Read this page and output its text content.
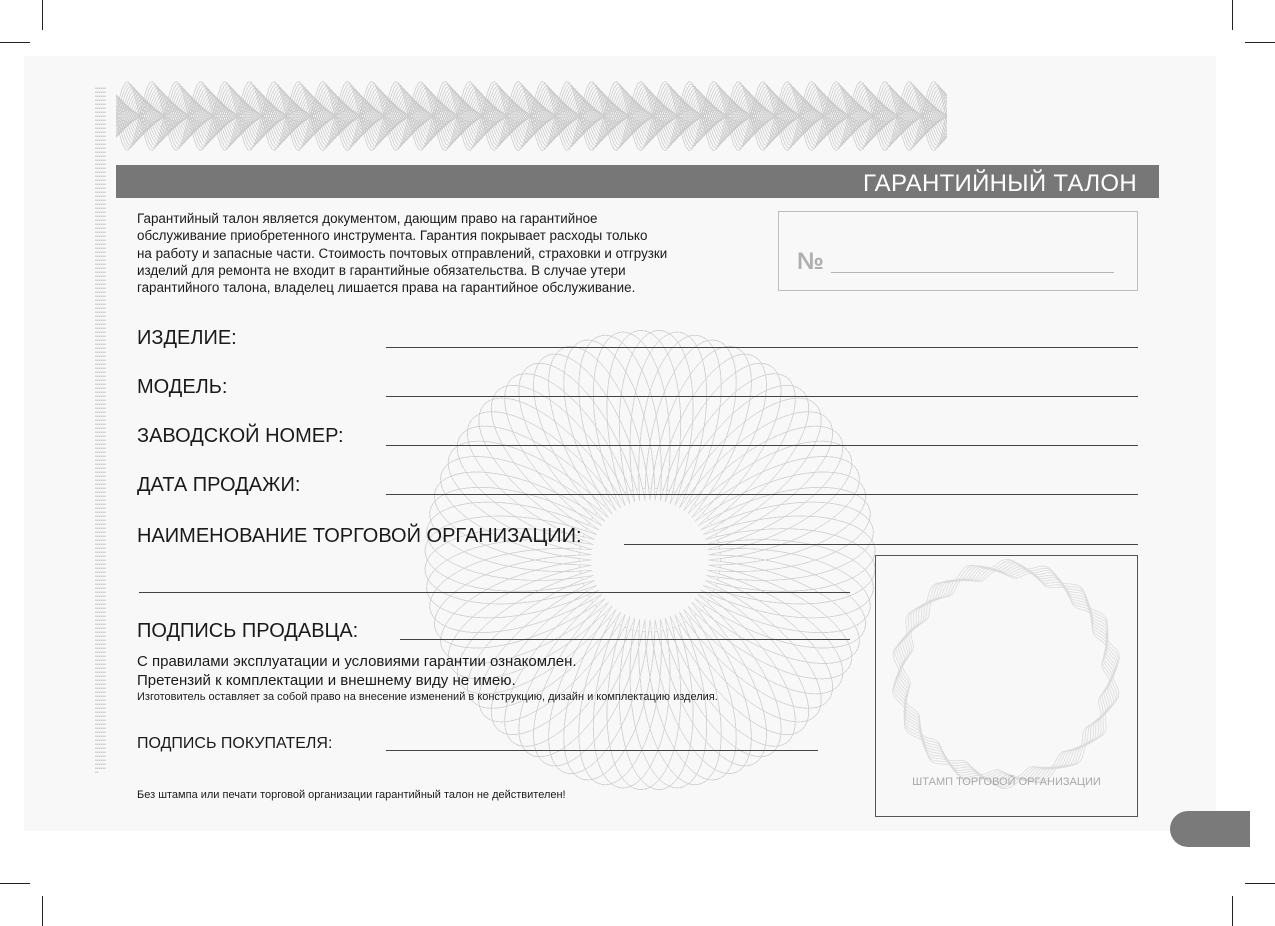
ssssssssssssssssssssssssssssssssssssssssssssssssssssssssssssssssssssssssssssssssssssssssssssssssssssssssssssssssssssssssssssssssssssssssssssssssssssssssssssssssssssssssssssssssssssssssssssssssssssssssssssssssssssssssssssssssssssssssssssssssssssssssssssssssssssssssssssssssssssssssssssssssssssssssssssssssssssssssssssssssssssssssssssssssssssssssssssssssssssssssssssssssssssssssssssssssssssssssssssssssssssssssssssssssssssssssssssssssssssssssssssssssssssssssssssssssssssssssssssssssssssssssssssssssssssssssssssssssssssssssssssssssssssssssssssssssssssssssssssssssssssssssssssssssssssssssssssssssssssssssssssssssssssssssssssssssssssssssssssssssssssssssssssssssssssssssssssssssssssssssssssssssssssssssssssssssssssssssssssssssssssssssssssssssssssssssssssssssssssssssssssssssssssssssssssssssssssssssssssssssssssssssssssssssssssssssssssssssssssssssssssssssssssssssssssssssssssssssssssssssssssssssssssssssssssssssssssssssssssssssssssssssssssssssssssssssssssssssssssssssssssssssssssssssssssssssssssssssssssssssssssssssssssssssssssssssssss
ГАРАНТИЙНЫЙ ТАЛОН
Гарантийный талон является документом, дающим право на гарантийное
обслуживание приобретенного инструмента. Гарантия покрывает расходы только
на работу и запасные части. Стоимость почтовых отправлений, страховки и отгрузки
изделий для ремонта не входит в гарантийные обязательства. В случае утери
гарантийного талона, владелец лишается права на гарантийное обслуживание.
№
ИЗДЕЛИЕ:
МОДЕЛЬ:
ЗАВОДСКОЙ НОМЕР:
ДАТА ПРОДАЖИ:
НАИМЕНОВАНИЕ ТОРГОВОЙ ОРГАНИЗАЦИИ:
ПОДПИСЬ ПРОДАВЦА:
С правилами эксплуатации и условиями гарантии ознакомлен.
Претензий к комплектации и внешнему виду не имею.
Изготовитель оставляет за собой право на внесение изменений в конструкцию, дизайн и комплектацию изделия.
ПОДПИСЬ ПОКУПАТЕЛЯ:
Без штампа или печати торговой организации гарантийный талон не действителен!
ШТАМП ТОРГОВОЙ ОРГАНИЗАЦИИ
